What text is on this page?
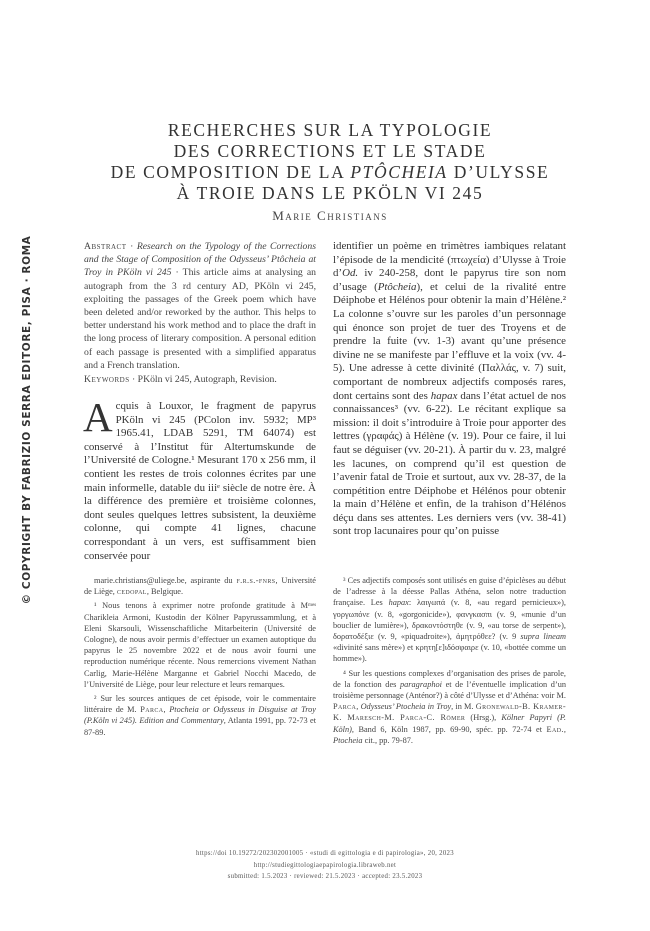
© COPYRIGHT BY FABRIZIO SERRA EDITORE, PISA · ROMA
RECHERCHES SUR LA TYPOLOGIE
DES CORRECTIONS ET LE STADE
DE COMPOSITION DE LA PTÔCHEIA D’ULYSSE
À TROIE DANS LE PKÖLN VI 245
Marie Christians
Abstract · Research on the Typology of the Corrections and the Stage of Composition of the Odysseus’ Ptôcheia at Troy in PKöln vi 245 · This article aims at analysing an autograph from the 3 rd century AD, PKöln vi 245, exploiting the passages of the Greek poem which have been deleted and/or reworked by the author. This helps to better understand his work method and to place the draft in the long process of literary composition. A personal edition of each passage is presented with a simplified apparatus and a French translation.
Keywords · PKöln vi 245, Autograph, Revision.
Acquis à Louxor, le fragment de papyrus PKöln vi 245 (PColon inv. 5932; MP³ 1965.41, LDAB 5291, TM 64074) est conservé à l’Institut für Altertumskunde de l’Université de Cologne.¹ Mesurant 170 x 256 mm, il contient les restes de trois colonnes écrites par une main informelle, datable du iiiᵉ siècle de notre ère. À la différence des première et troisième colonnes, dont seules quelques lettres subsistent, la deuxième colonne, qui compte 41 lignes, chacune correspondant à un vers, est suffisamment bien conservée pour
identifier un poème en trimètres iambiques relatant l’épisode de la mendicité (πτωχεία) d’Ulysse à Troie d’Od. iv 240-258, dont le papyrus tire son nom d’usage (Ptôcheia), et celui de la rivalité entre Déiphobe et Hélénos pour obtenir la main d’Hélène.² La colonne s’ouvre sur les paroles d’un personnage qui énonce son projet de tuer des Troyens et de prendre la fuite (vv. 1-3) avant qu’une présence divine ne se manifeste par l’effluve et la voix (vv. 4-5). Une adresse à cette divinité (Παλλάς, v. 7) suit, comportant de nombreux adjectifs composés rares, dont certains sont des hapax dans l’état actuel de nos connaissances³ (vv. 6-22). Le récitant explique sa mission: il doit s’introduire à Troie pour apporter des lettres (γραφάς) à Hélène (v. 19). Pour ce faire, il lui faut se déguiser (vv. 20-21). À partir du v. 23, malgré les lacunes, on comprend qu’il est question de l’avenir fatal de Troie et surtout, aux vv. 28-37, de la compétition entre Déiphobe et Hélénos pour obtenir la main d’Hélène et enfin, de la trahison d’Hélénos déçu dans ses attentes. Les derniers vers (vv. 38-41) sont trop lacunaires pour qu’on puisse

marie.christians@uliege.be, aspirante du f.r.s.-fnrs, Université de Liège, cedopal, Belgique.

¹ Nous tenons à exprimer notre profonde gratitude à Mᵐᵉˢ Charikleia Armoni, Kustodin der Kölner Papyrussammlung, et à Eleni Skarsouli, Wissenschaftliche Mitarbeiterin (Université de Cologne), de nous avoir permis d’effectuer un examen autoptique du papyrus le 25 novembre 2022 et de nous avoir fourni une reproduction numérique récente. Nous remercions vivement Nathan Carlig, Marie-Hélène Marganne et Gabriel Nocchi Macedo, de l’Université de Liège, pour leur relecture et leurs remarques.

² Sur les sources antiques de cet épisode, voir le commentaire littéraire de M. Parca, Ptocheia or Odysseus in Disguise at Troy (P.Köln vi 245). Edition and Commentary, Atlanta 1991, pp. 72-73 et 87-89.

³ Ces adjectifs composés sont utilisés en guise d’épiclèses au début de l’adresse à la déesse Pallas Athéna, selon notre traduction française. Les hapax: λαιγωπά (v. 8, «au regard pernicieux»), γοργωπόνε (v. 8, «gorgonicide»), φανγκασπι (v. 9, «munie d’un bouclier de lumière»), δρακοντόστηθε (v. 9, «au torse de serpent»), δορατοδέξιε (v. 9, «piquadroite»), ἀμητρόθεε? (v. 9 supra lineam «divinité sans mère») et κρητη[ε]ιδόσφαιρε (v. 10, «bottée comme un homme»).

⁴ Sur les questions complexes d’organisation des prises de parole, de la fonction des paragraphoi et de l’éventuelle implication d’un troisième personnage (Anténor?) à côté d’Ulysse et d’Athéna: voir M. Parca, Odysseus’ Ptocheia in Troy, in M. Gronewald-B. Kramer-K. Maresch-M. Parca-C. Römer (Hrsg.), Kölner Papyri (P. Köln), Band 6, Köln 1987, pp. 69-90, spéc. pp. 72-74 et Ead., Ptocheia cit., pp. 79-87.

https://doi 10.19272/202302001005 · «studi di egittologia e di papirologia», 20, 2023
http://studiegittologiaepapirologia.libraweb.net
submitted: 1.5.2023 · reviewed: 21.5.2023 · accepted: 23.5.2023
